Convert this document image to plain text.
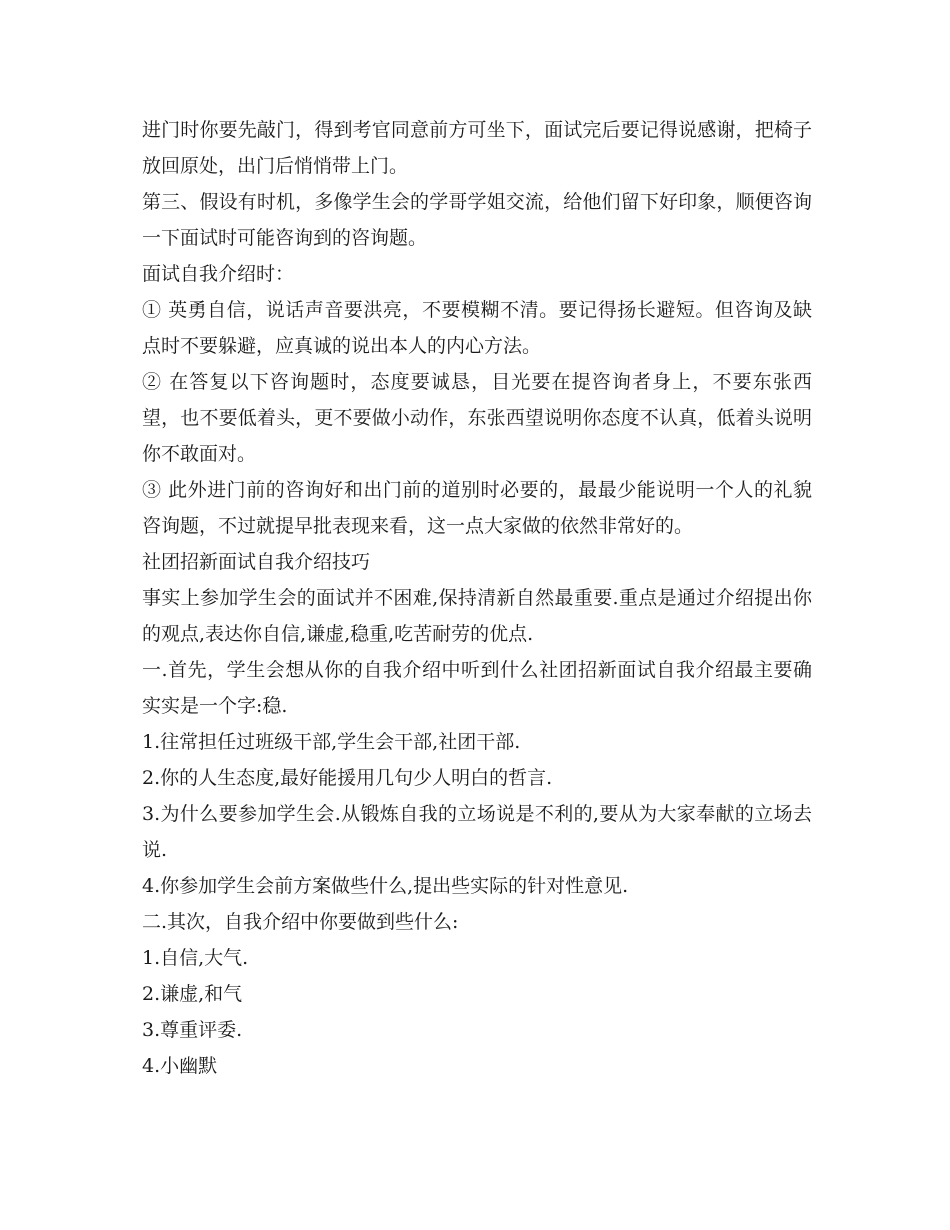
进门时你要先敲门，得到考官同意前方可坐下，面试完后要记得说感谢，把椅子放回原处，出门后悄悄带上门。

第三、假设有时机，多像学生会的学哥学姐交流，给他们留下好印象，顺便咨询一下面试时可能咨询到的咨询题。

面试自我介绍时：

① 英勇自信，说话声音要洪亮，不要模糊不清。要记得扬长避短。但咨询及缺点时不要躲避，应真诚的说出本人的内心方法。

② 在答复以下咨询题时，态度要诚恳，目光要在提咨询者身上，不要东张西望，也不要低着头，更不要做小动作，东张西望说明你态度不认真，低着头说明你不敢面对。

③ 此外进门前的咨询好和出门前的道别时必要的，最最少能说明一个人的礼貌咨询题，不过就提早批表现来看，这一点大家做的依然非常好的。

社团招新面试自我介绍技巧

事实上参加学生会的面试并不困难,保持清新自然最重要.重点是通过介绍提出你的观点,表达你自信,谦虚,稳重,吃苦耐劳的优点.

一.首先，学生会想从你的自我介绍中听到什么社团招新面试自我介绍最主要确实实是一个字:稳.

1.往常担任过班级干部,学生会干部,社团干部.

2.你的人生态度,最好能援用几句少人明白的哲言.

3.为什么要参加学生会.从锻炼自我的立场说是不利的,要从为大家奉献的立场去说.

4.你参加学生会前方案做些什么,提出些实际的针对性意见.

二.其次，自我介绍中你要做到些什么:

1.自信,大气.

2.谦虚,和气

3.尊重评委.

4.小幽默
